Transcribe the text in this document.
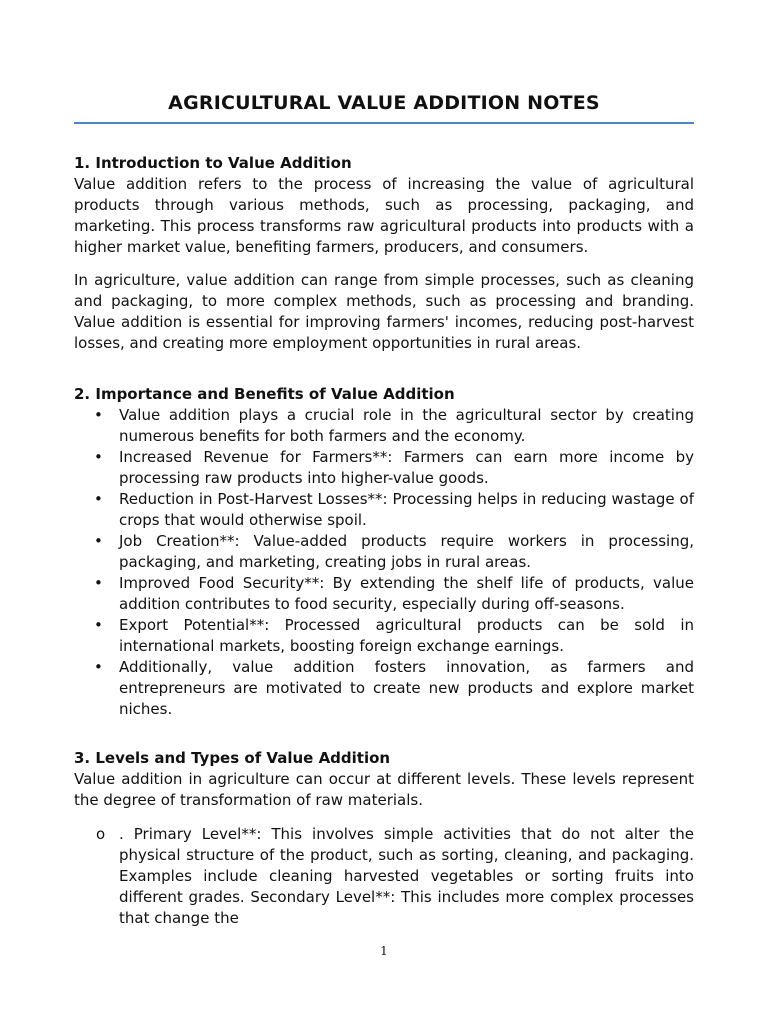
AGRICULTURAL VALUE ADDITION NOTES

1. Introduction to Value Addition

Value addition refers to the process of increasing the value of agricultural products through various methods, such as processing, packaging, and marketing. This process transforms raw agricultural products into products with a higher market value, benefiting farmers, producers, and consumers.

In agriculture, value addition can range from simple processes, such as cleaning and packaging, to more complex methods, such as processing and branding. Value addition is essential for improving farmers' incomes, reducing post-harvest losses, and creating more employment opportunities in rural areas.

2. Importance and Benefits of Value Addition

• Value addition plays a crucial role in the agricultural sector by creating numerous benefits for both farmers and the economy.
• Increased Revenue for Farmers**: Farmers can earn more income by processing raw products into higher-value goods.
• Reduction in Post-Harvest Losses**: Processing helps in reducing wastage of crops that would otherwise spoil.
• Job Creation**: Value-added products require workers in processing, packaging, and marketing, creating jobs in rural areas.
• Improved Food Security**: By extending the shelf life of products, value addition contributes to food security, especially during off-seasons.
• Export Potential**: Processed agricultural products can be sold in international markets, boosting foreign exchange earnings.
• Additionally, value addition fosters innovation, as farmers and entrepreneurs are motivated to create new products and explore market niches.

3. Levels and Types of Value Addition

Value addition in agriculture can occur at different levels. These levels represent the degree of transformation of raw materials.

o . Primary Level**: This involves simple activities that do not alter the physical structure of the product, such as sorting, cleaning, and packaging. Examples include cleaning harvested vegetables or sorting fruits into different grades. Secondary Level**: This includes more complex processes that change the
1
